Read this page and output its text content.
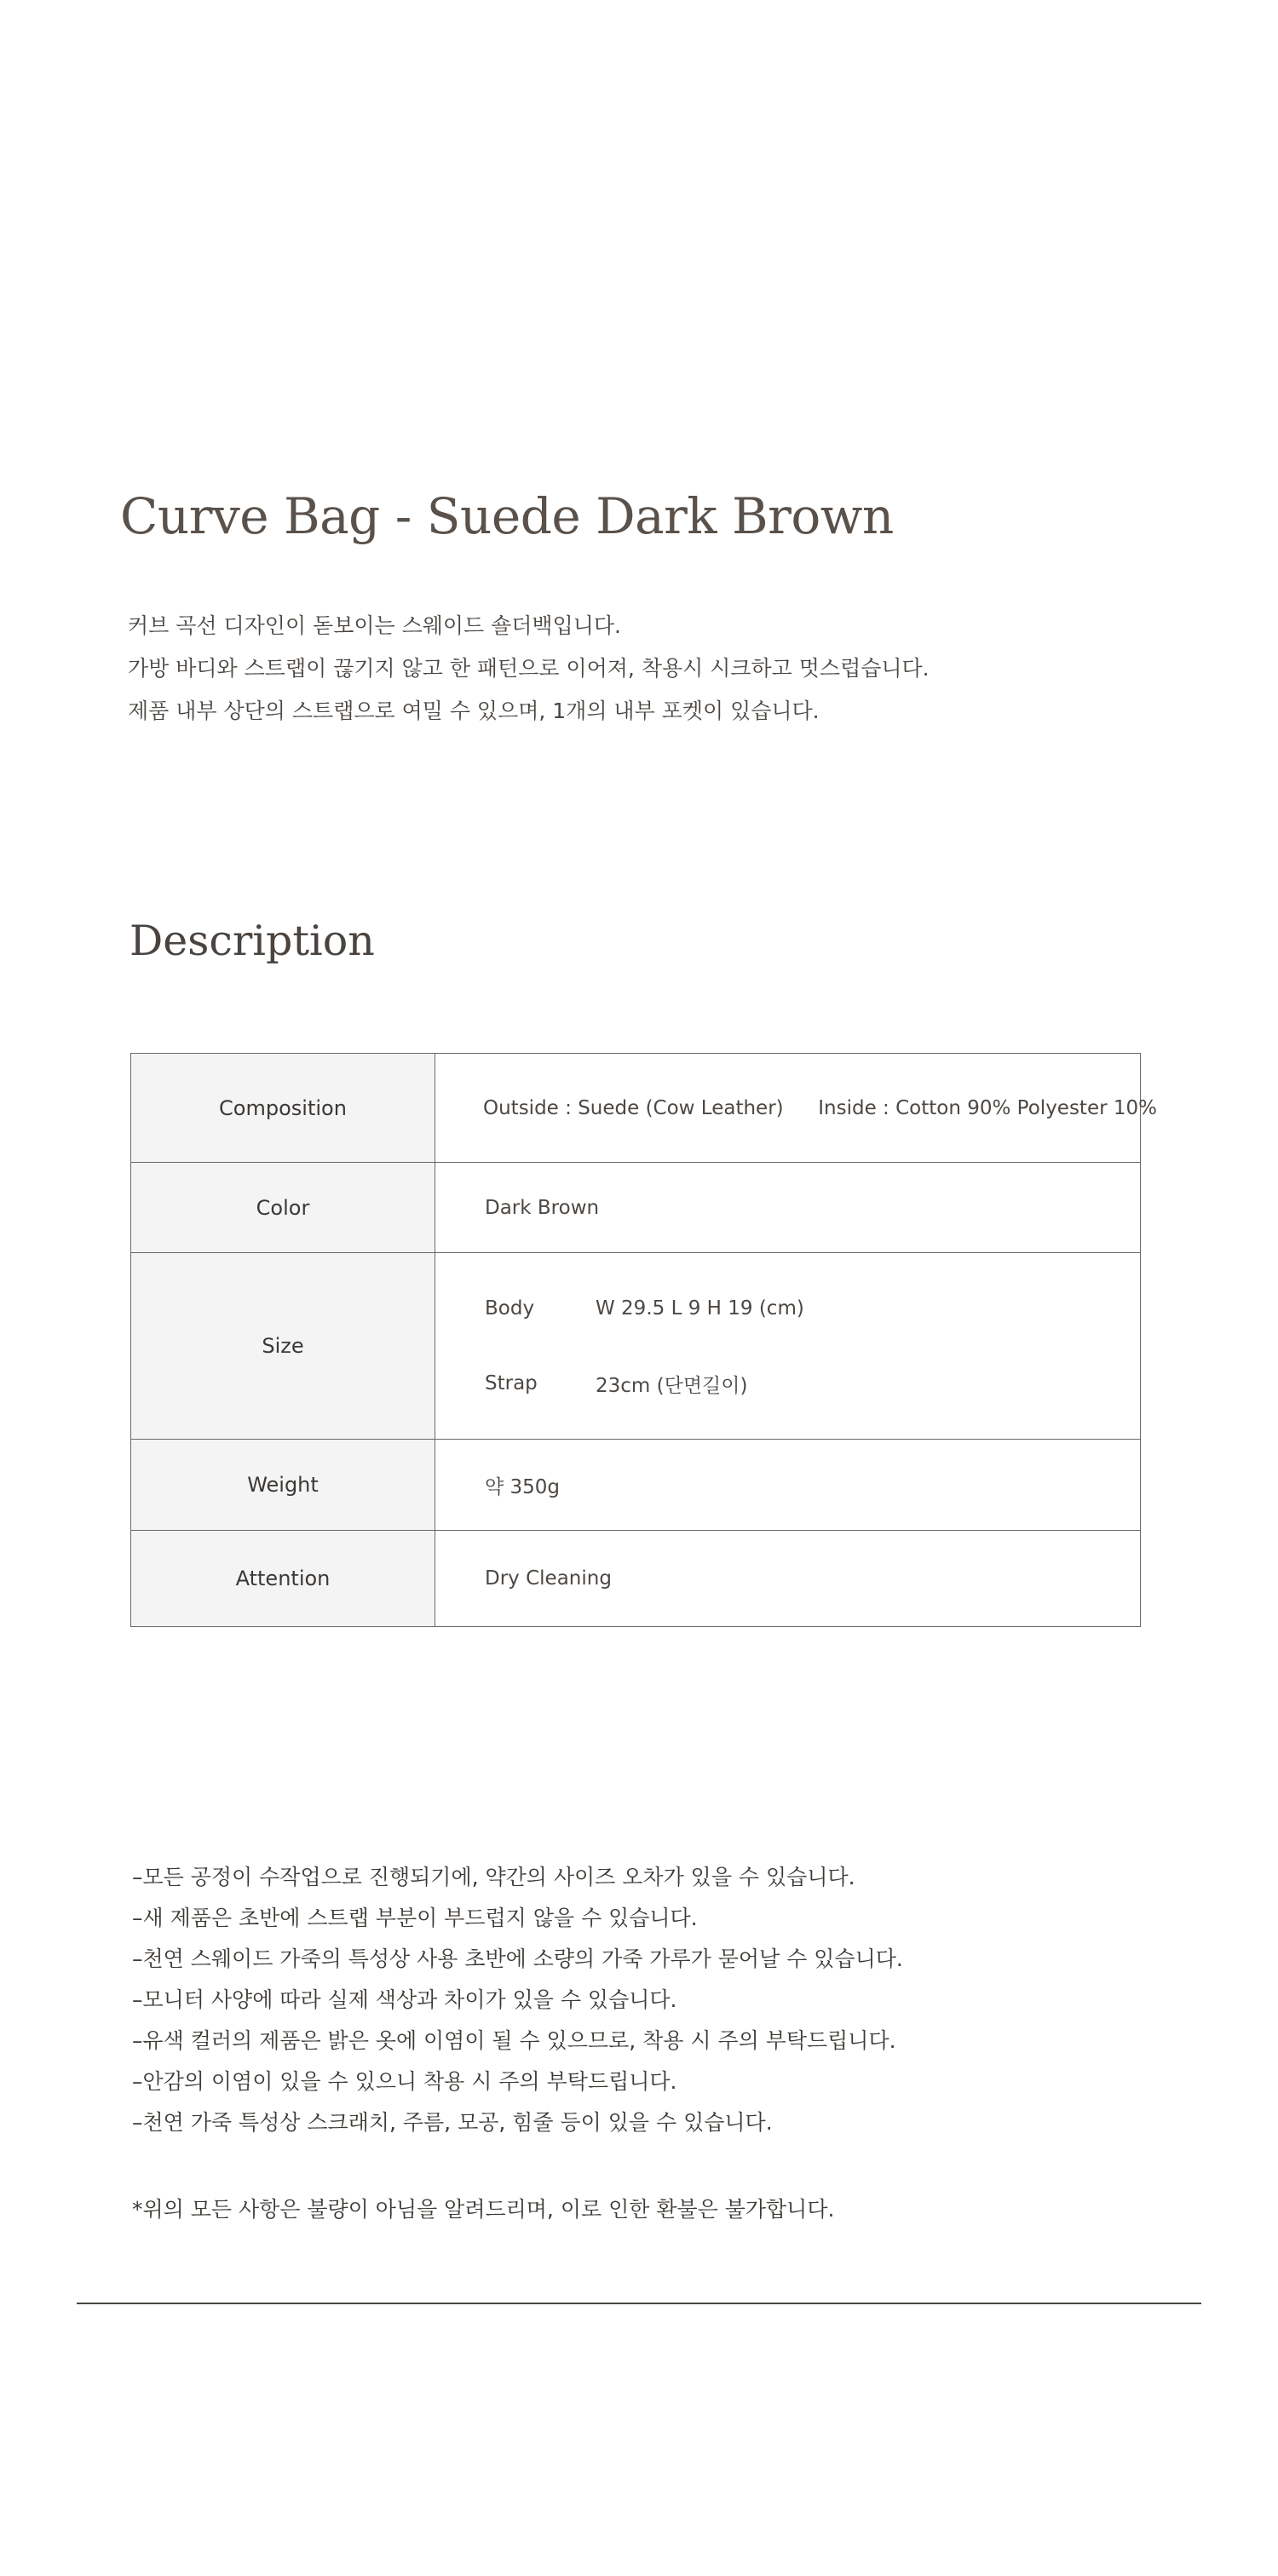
Curve Bag - Suede Dark Brown
커브 곡선 디자인이 돋보이는 스웨이드 숄더백입니다.
가방 바디와 스트랩이 끊기지 않고 한 패턴으로 이어져, 착용시 시크하고 멋스럽습니다.
제품 내부 상단의 스트랩으로 여밀 수 있으며, 1개의 내부 포켓이 있습니다.
Description
Composition	Outside : Suede (Cow Leather) Inside : Cotton 90% Polyester 10%
Color	Dark Brown
Size	Body W 29.5 L 9 H 19 (cm)
Strap 23cm (단면길이)

Weight	약 350g
Attention	Dry Cleaning
–모든 공정이 수작업으로 진행되기에, 약간의 사이즈 오차가 있을 수 있습니다.
–새 제품은 초반에 스트랩 부분이 부드럽지 않을 수 있습니다.
–천연 스웨이드 가죽의 특성상 사용 초반에 소량의 가죽 가루가 묻어날 수 있습니다.
–모니터 사양에 따라 실제 색상과 차이가 있을 수 있습니다.
–유색 컬러의 제품은 밝은 옷에 이염이 될 수 있으므로, 착용 시 주의 부탁드립니다.
–안감의 이염이 있을 수 있으니 착용 시 주의 부탁드립니다.
–천연 가죽 특성상 스크래치, 주름, 모공, 힘줄 등이 있을 수 있습니다.

*위의 모든 사항은 불량이 아님을 알려드리며, 이로 인한 환불은 불가합니다.
